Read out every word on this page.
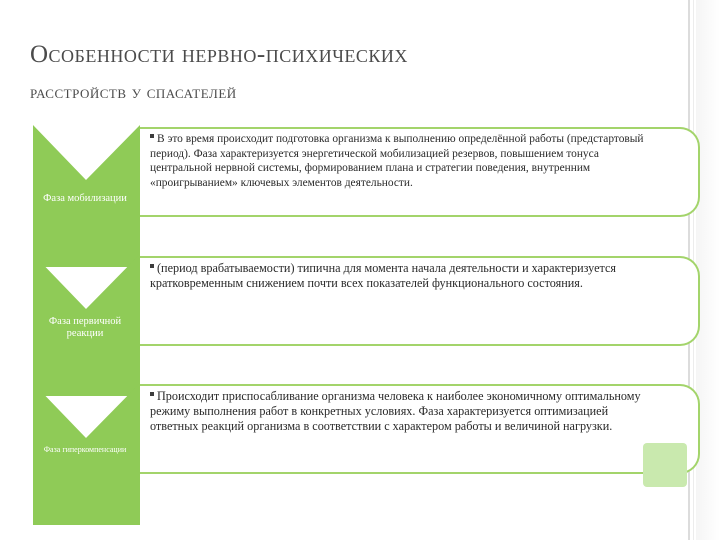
Особенности нервно-психических
расстройств у спасателей
В это время происходит подготовка организма к выполнению определённой работы (предстартовый период). Фаза характеризуется энергетической мобилизацией резервов, повышением тонуса центральной нервной системы, формированием плана и стратегии поведения, внутренним «проигрыванием» ключевых элементов деятельности.
Фаза мобилизации
(период врабатываемости) типична для момента начала деятельности и характеризуется кратковременным снижением почти всех показателей функционального состояния.
Фаза первичной реакции
Происходит приспосабливание организма человека к наиболее экономичному оптимальному режиму выполнения работ в конкретных условиях. Фаза характеризуется оптимизацией ответных реакций организма в соответствии с характером работы и величиной нагрузки.
Фаза гиперкомпенсации
